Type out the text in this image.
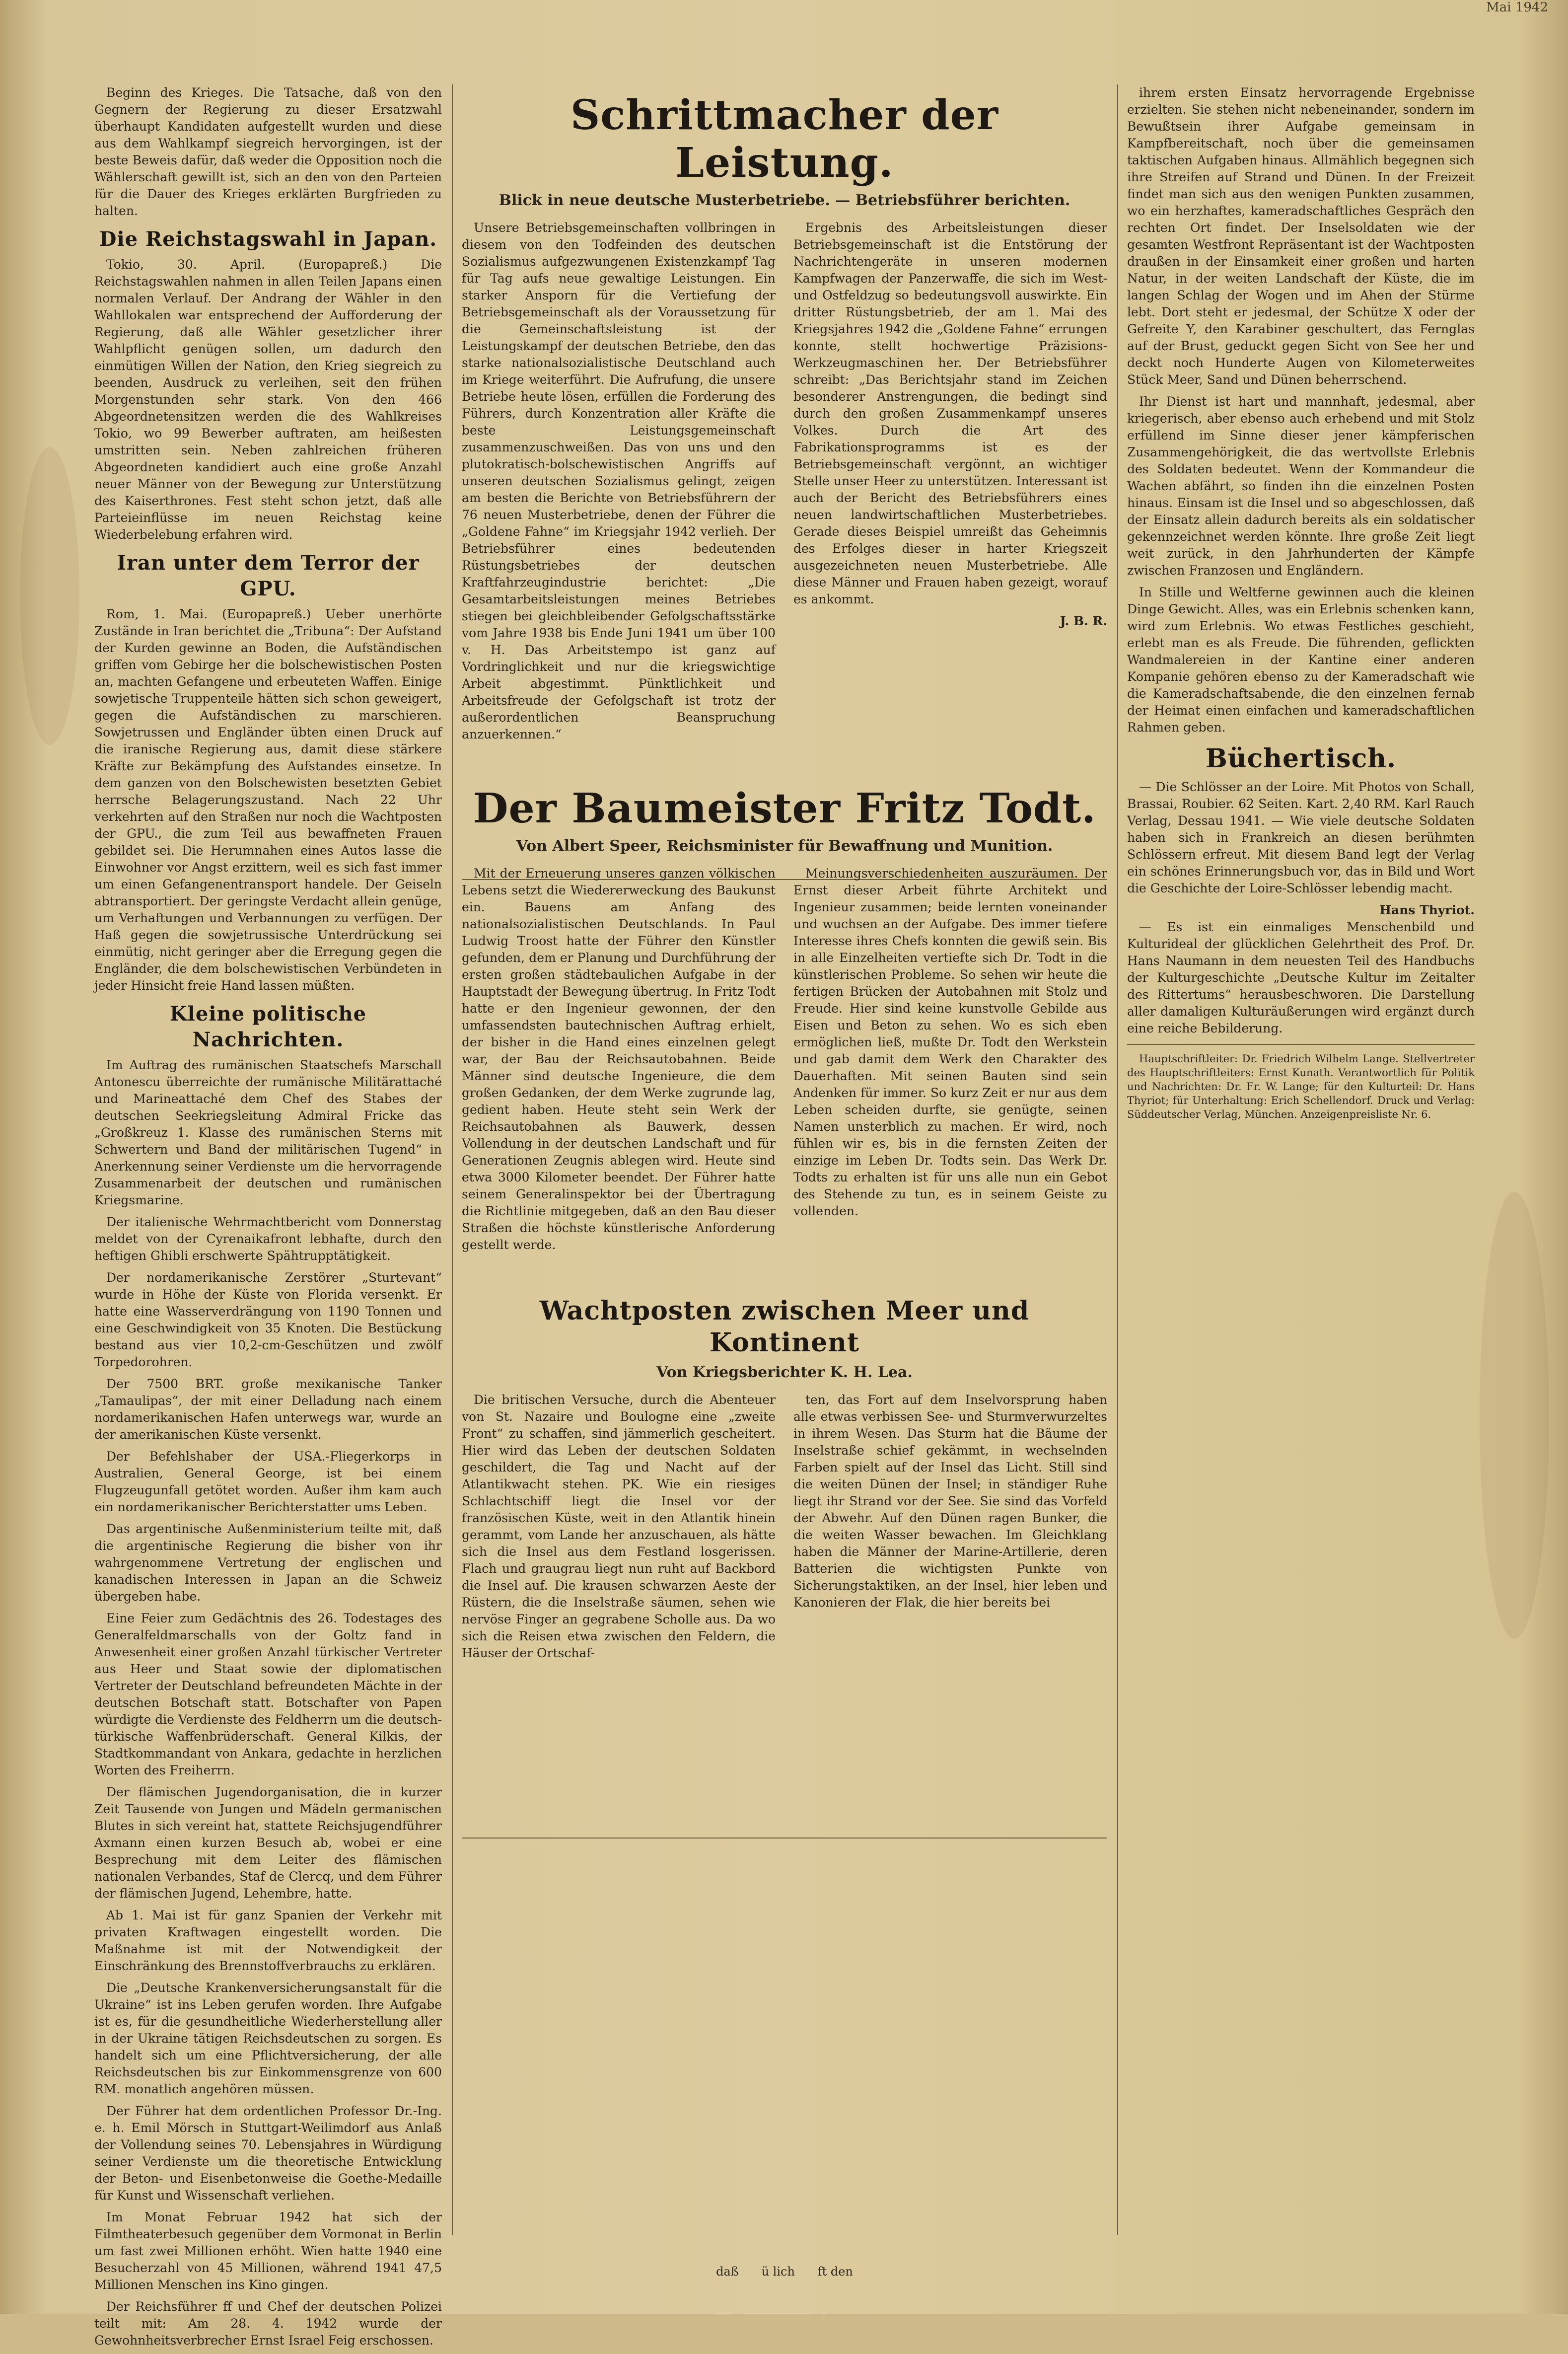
Mai 1942

Beginn des Krieges. Die Tatsache, daß von den Gegnern der Regierung zu dieser Ersatzwahl überhaupt Kandidaten aufgestellt wurden und diese aus dem Wahlkampf siegreich hervorgingen, ist der beste Beweis dafür, daß weder die Opposition noch die Wählerschaft gewillt ist, sich an den von den Parteien für die Dauer des Krieges erklärten Burgfrieden zu halten.

Die Reichstagswahl in Japan.

Tokio, 30. April. (Europapreß.) Die Reichstagswahlen nahmen in allen Teilen Japans einen normalen Verlauf. Der Andrang der Wähler in den Wahllokalen war entsprechend der Aufforderung der Regierung, daß alle Wähler gesetzlicher ihrer Wahlpflicht genügen sollen, um dadurch den einmütigen Willen der Nation, den Krieg siegreich zu beenden, Ausdruck zu verleihen, seit den frühen Morgenstunden sehr stark. Von den 466 Abgeordnetensitzen werden die des Wahlkreises Tokio, wo 99 Bewerber auftraten, am heißesten umstritten sein. Neben zahlreichen früheren Abgeordneten kandidiert auch eine große Anzahl neuer Männer von der Bewegung zur Unterstützung des Kaiserthrones. Fest steht schon jetzt, daß alle Parteieinflüsse im neuen Reichstag keine Wiederbelebung erfahren wird.

Iran unter dem Terror der GPU.

Rom, 1. Mai. (Europapreß.) Ueber unerhörte Zustände in Iran berichtet die „Tribuna“: Der Aufstand der Kurden gewinne an Boden, die Aufständischen griffen vom Gebirge her die bolschewistischen Posten an, machten Gefangene und erbeuteten Waffen. Einige sowjetische Truppenteile hätten sich schon geweigert, gegen die Aufständischen zu marschieren. Sowjetrussen und Engländer übten einen Druck auf die iranische Regierung aus, damit diese stärkere Kräfte zur Bekämpfung des Aufstandes einsetze. In dem ganzen von den Bolschewisten besetzten Gebiet herrsche Belagerungszustand. Nach 22 Uhr verkehrten auf den Straßen nur noch die Wachtposten der GPU., die zum Teil aus bewaffneten Frauen gebildet sei. Die Herumnahen eines Autos lasse die Einwohner vor Angst erzittern, weil es sich fast immer um einen Gefangenentransport handele. Der Geiseln abtransportiert. Der geringste Verdacht allein genüge, um Verhaftungen und Verbannungen zu verfügen. Der Haß gegen die sowjetrussische Unterdrückung sei einmütig, nicht geringer aber die Erregung gegen die Engländer, die dem bolschewistischen Verbündeten in jeder Hinsicht freie Hand lassen müßten.

Kleine politische Nachrichten.

Im Auftrag des rumänischen Staatschefs Marschall Antonescu überreichte der rumänische Militärattaché und Marineattaché dem Chef des Stabes der deutschen Seekriegsleitung Admiral Fricke das „Großkreuz 1. Klasse des rumänischen Sterns mit Schwertern und Band der militärischen Tugend“ in Anerkennung seiner Verdienste um die hervorragende Zusammenarbeit der deutschen und rumänischen Kriegsmarine.

Der italienische Wehrmachtbericht vom Donnerstag meldet von der Cyrenaikafront lebhafte, durch den heftigen Ghibli erschwerte Spähtrupptätigkeit.

Der nordamerikanische Zerstörer „Sturtevant“ wurde in Höhe der Küste von Florida versenkt. Er hatte eine Wasserverdrängung von 1190 Tonnen und eine Geschwindigkeit von 35 Knoten. Die Bestückung bestand aus vier 10,2-cm-Geschützen und zwölf Torpedorohren.

Der 7500 BRT. große mexikanische Tanker „Tamaulipas“, der mit einer Delladung nach einem nordamerikanischen Hafen unterwegs war, wurde an der amerikanischen Küste versenkt.

Der Befehlshaber der USA.-Fliegerkorps in Australien, General George, ist bei einem Flugzeugunfall getötet worden. Außer ihm kam auch ein nordamerikanischer Berichterstatter ums Leben.

Das argentinische Außenministerium teilte mit, daß die argentinische Regierung die bisher von ihr wahrgenommene Vertretung der englischen und kanadischen Interessen in Japan an die Schweiz übergeben habe.

Eine Feier zum Gedächtnis des 26. Todestages des Generalfeldmarschalls von der Goltz fand in Anwesenheit einer großen Anzahl türkischer Vertreter aus Heer und Staat sowie der diplomatischen Vertreter der Deutschland befreundeten Mächte in der deutschen Botschaft statt. Botschafter von Papen würdigte die Verdienste des Feldherrn um die deutsch-türkische Waffenbrüderschaft. General Kilkis, der Stadtkommandant von Ankara, gedachte in herzlichen Worten des Freiherrn.

Der flämischen Jugendorganisation, die in kurzer Zeit Tausende von Jungen und Mädeln germanischen Blutes in sich vereint hat, stattete Reichsjugendführer Axmann einen kurzen Besuch ab, wobei er eine Besprechung mit dem Leiter des flämischen nationalen Verbandes, Staf de Clercq, und dem Führer der flämischen Jugend, Lehembre, hatte.

Ab 1. Mai ist für ganz Spanien der Verkehr mit privaten Kraftwagen eingestellt worden. Die Maßnahme ist mit der Notwendigkeit der Einschränkung des Brennstoffverbrauchs zu erklären.

Die „Deutsche Krankenversicherungsanstalt für die Ukraine“ ist ins Leben gerufen worden. Ihre Aufgabe ist es, für die gesundheitliche Wiederherstellung aller in der Ukraine tätigen Reichsdeutschen zu sorgen. Es handelt sich um eine Pflichtversicherung, der alle Reichsdeutschen bis zur Einkommensgrenze von 600 RM. monatlich angehören müssen.

Der Führer hat dem ordentlichen Professor Dr.-Ing. e. h. Emil Mörsch in Stuttgart-Weilimdorf aus Anlaß der Vollendung seines 70. Lebensjahres in Würdigung seiner Verdienste um die theoretische Entwicklung der Beton- und Eisenbetonweise die Goethe-Medaille für Kunst und Wissenschaft verliehen.

Im Monat Februar 1942 hat sich der Filmtheaterbesuch gegenüber dem Vormonat in Berlin um fast zwei Millionen erhöht. Wien hatte 1940 eine Besucherzahl von 45 Millionen, während 1941 47,5 Millionen Menschen ins Kino gingen.

Der Reichsführer ff und Chef der deutschen Polizei teilt mit: Am 28. 4. 1942 wurde der Gewohnheitsverbrecher Ernst Israel Feig erschossen.

Schrittmacher der Leistung.
Blick in neue deutsche Musterbetriebe. — Betriebsführer berichten.

Unsere Betriebsgemeinschaften vollbringen in diesem von den Todfeinden des deutschen Sozialismus aufgezwungenen Existenzkampf Tag für Tag aufs neue gewaltige Leistungen. Ein starker Ansporn für die Vertiefung der Betriebsgemeinschaft als der Voraussetzung für die Gemeinschaftsleistung ist der Leistungskampf der deutschen Betriebe, den das starke nationalsozialistische Deutschland auch im Kriege weiterführt. Die Aufrufung, die unsere Betriebe heute lösen, erfüllen die Forderung des Führers, durch Konzentration aller Kräfte die beste Leistungsgemeinschaft zusammenzuschweißen. Das von uns und den plutokratisch-bolschewistischen Angriffs auf unseren deutschen Sozialismus gelingt, zeigen am besten die Berichte von Betriebsführern der 76 neuen Musterbetriebe, denen der Führer die „Goldene Fahne“ im Kriegsjahr 1942 verlieh. Der Betriebsführer eines bedeutenden Rüstungsbetriebes der deutschen Kraftfahrzeugindustrie berichtet: „Die Gesamtarbeitsleistungen meines Betriebes stiegen bei gleichbleibender Gefolgschaftsstärke vom Jahre 1938 bis Ende Juni 1941 um über 100 v. H. Das Arbeitstempo ist ganz auf Vordringlichkeit und nur die kriegswichtige Arbeit abgestimmt. Pünktlichkeit und Arbeitsfreude der Gefolgschaft ist trotz der außerordentlichen Beanspruchung anzuerkennen.“

Ergebnis des Arbeitsleistungen dieser Betriebsgemeinschaft ist die Entstörung der Nachrichtengeräte in unseren modernen Kampfwagen der Panzerwaffe, die sich im West- und Ostfeldzug so bedeutungsvoll auswirkte. Ein dritter Rüstungsbetrieb, der am 1. Mai des Kriegsjahres 1942 die „Goldene Fahne“ errungen konnte, stellt hochwertige Präzisions-Werkzeugmaschinen her. Der Betriebsführer schreibt: „Das Berichtsjahr stand im Zeichen besonderer Anstrengungen, die bedingt sind durch den großen Zusammenkampf unseres Volkes. Durch die Art des Fabrikationsprogramms ist es der Betriebsgemeinschaft vergönnt, an wichtiger Stelle unser Heer zu unterstützen. Interessant ist auch der Bericht des Betriebsführers eines neuen landwirtschaftlichen Musterbetriebes. Gerade dieses Beispiel umreißt das Geheimnis des Erfolges dieser in harter Kriegszeit ausgezeichneten neuen Musterbetriebe. Alle diese Männer und Frauen haben gezeigt, worauf es ankommt.

J. B. R.
Der Baumeister Fritz Todt.
Von Albert Speer, Reichsminister für Bewaffnung und Munition.

Mit der Erneuerung unseres ganzen völkischen Lebens setzt die Wiedererweckung des Baukunst ein. Bauens am Anfang des nationalsozialistischen Deutschlands. In Paul Ludwig Troost hatte der Führer den Künstler gefunden, dem er Planung und Durchführung der ersten großen städtebaulichen Aufgabe in der Hauptstadt der Bewegung übertrug. In Fritz Todt hatte er den Ingenieur gewonnen, der den umfassendsten bautechnischen Auftrag erhielt, der bisher in die Hand eines einzelnen gelegt war, der Bau der Reichsautobahnen. Beide Männer sind deutsche Ingenieure, die dem großen Gedanken, der dem Werke zugrunde lag, gedient haben. Heute steht sein Werk der Reichsautobahnen als Bauwerk, dessen Vollendung in der deutschen Landschaft und für Generationen Zeugnis ablegen wird. Heute sind etwa 3000 Kilometer beendet. Der Führer hatte seinem Generalinspektor bei der Übertragung die Richtlinie mitgegeben, daß an den Bau dieser Straßen die höchste künstlerische Anforderung gestellt werde.

Meinungsverschiedenheiten auszuräumen. Der Ernst dieser Arbeit führte Architekt und Ingenieur zusammen; beide lernten voneinander und wuchsen an der Aufgabe. Des immer tiefere Interesse ihres Chefs konnten die gewiß sein. Bis in alle Einzelheiten vertiefte sich Dr. Todt in die künstlerischen Probleme. So sehen wir heute die fertigen Brücken der Autobahnen mit Stolz und Freude. Hier sind keine kunstvolle Gebilde aus Eisen und Beton zu sehen. Wo es sich eben ermöglichen ließ, mußte Dr. Todt den Werkstein und gab damit dem Werk den Charakter des Dauerhaften. Mit seinen Bauten sind sein Andenken für immer. So kurz Zeit er nur aus dem Leben scheiden durfte, sie genügte, seinen Namen unsterblich zu machen. Er wird, noch fühlen wir es, bis in die fernsten Zeiten der einzige im Leben Dr. Todts sein. Das Werk Dr. Todts zu erhalten ist für uns alle nun ein Gebot des Stehende zu tun, es in seinem Geiste zu vollenden.

Wachtposten zwischen Meer und Kontinent
Von Kriegsberichter K. H. Lea.

Die britischen Versuche, durch die Abenteuer von St. Nazaire und Boulogne eine „zweite Front“ zu schaffen, sind jämmerlich gescheitert. Hier wird das Leben der deutschen Soldaten geschildert, die Tag und Nacht auf der Atlantikwacht stehen. PK. Wie ein riesiges Schlachtschiff liegt die Insel vor der französischen Küste, weit in den Atlantik hinein gerammt, vom Lande her anzuschauen, als hätte sich die Insel aus dem Festland losgerissen. Flach und graugrau liegt nun ruht auf Backbord die Insel auf. Die krausen schwarzen Aeste der Rüstern, die die Inselstraße säumen, sehen wie nervöse Finger an gegrabene Scholle aus. Da wo sich die Reisen etwa zwischen den Feldern, die Häuser der Ortschaf-

ten, das Fort auf dem Inselvorsprung haben alle etwas verbissen See- und Sturmverwurzeltes in ihrem Wesen. Das Sturm hat die Bäume der Inselstraße schief gekämmt, in wechselnden Farben spielt auf der Insel das Licht. Still sind die weiten Dünen der Insel; in ständiger Ruhe liegt ihr Strand vor der See. Sie sind das Vorfeld der Abwehr. Auf den Dünen ragen Bunker, die die weiten Wasser bewachen. Im Gleichklang haben die Männer der Marine-Artillerie, deren Batterien die wichtigsten Punkte von Sicherungstaktiken, an der Insel, hier leben und Kanonieren der Flak, die hier bereits bei

ihrem ersten Einsatz hervorragende Ergebnisse erzielten. Sie stehen nicht nebeneinander, sondern im Bewußtsein ihrer Aufgabe gemeinsam in Kampfbereitschaft, noch über die gemeinsamen taktischen Aufgaben hinaus. Allmählich begegnen sich ihre Streifen auf Strand und Dünen. In der Freizeit findet man sich aus den wenigen Punkten zusammen, wo ein herzhaftes, kameradschaftliches Gespräch den rechten Ort findet. Der Inselsoldaten wie der gesamten Westfront Repräsentant ist der Wachtposten draußen in der Einsamkeit einer großen und harten Natur, in der weiten Landschaft der Küste, die im langen Schlag der Wogen und im Ahen der Stürme lebt. Dort steht er jedesmal, der Schütze X oder der Gefreite Y, den Karabiner geschultert, das Fernglas auf der Brust, geduckt gegen Sicht von See her und deckt noch Hunderte Augen von Kilometerweites Stück Meer, Sand und Dünen beherrschend.

Ihr Dienst ist hart und mannhaft, jedesmal, aber kriegerisch, aber ebenso auch erhebend und mit Stolz erfüllend im Sinne dieser jener kämpferischen Zusammengehörigkeit, die das wertvollste Erlebnis des Soldaten bedeutet. Wenn der Kommandeur die Wachen abfährt, so finden ihn die einzelnen Posten hinaus. Einsam ist die Insel und so abgeschlossen, daß der Einsatz allein dadurch bereits als ein soldatischer gekennzeichnet werden könnte. Ihre große Zeit liegt weit zurück, in den Jahrhunderten der Kämpfe zwischen Franzosen und Engländern.

In Stille und Weltferne gewinnen auch die kleinen Dinge Gewicht. Alles, was ein Erlebnis schenken kann, wird zum Erlebnis. Wo etwas Festliches geschieht, erlebt man es als Freude. Die führenden, geflickten Wandmalereien in der Kantine einer anderen Kompanie gehören ebenso zu der Kameradschaft wie die Kameradschaftsabende, die den einzelnen fernab der Heimat einen einfachen und kameradschaftlichen Rahmen geben.

Büchertisch.

— Die Schlösser an der Loire. Mit Photos von Schall, Brassai, Roubier. 62 Seiten. Kart. 2,40 RM. Karl Rauch Verlag, Dessau 1941. — Wie viele deutsche Soldaten haben sich in Frankreich an diesen berühmten Schlössern erfreut. Mit diesem Band legt der Verlag ein schönes Erinnerungsbuch vor, das in Bild und Wort die Geschichte der Loire-Schlösser lebendig macht.

Hans Thyriot.

— Es ist ein einmaliges Menschenbild und Kulturideal der glücklichen Gelehrtheit des Prof. Dr. Hans Naumann in dem neuesten Teil des Handbuchs der Kulturgeschichte „Deutsche Kultur im Zeitalter des Rittertums“ herausbeschworen. Die Darstellung aller damaligen Kulturäußerungen wird ergänzt durch eine reiche Bebilderung.

Hauptschriftleiter: Dr. Friedrich Wilhelm Lange. Stellvertreter des Hauptschriftleiters: Ernst Kunath. Verantwortlich für Politik und Nachrichten: Dr. Fr. W. Lange; für den Kulturteil: Dr. Hans Thyriot; für Unterhaltung: Erich Schellendorf. Druck und Verlag: Süddeutscher Verlag, München. Anzeigenpreisliste Nr. 6.

daß ü lich ft den
